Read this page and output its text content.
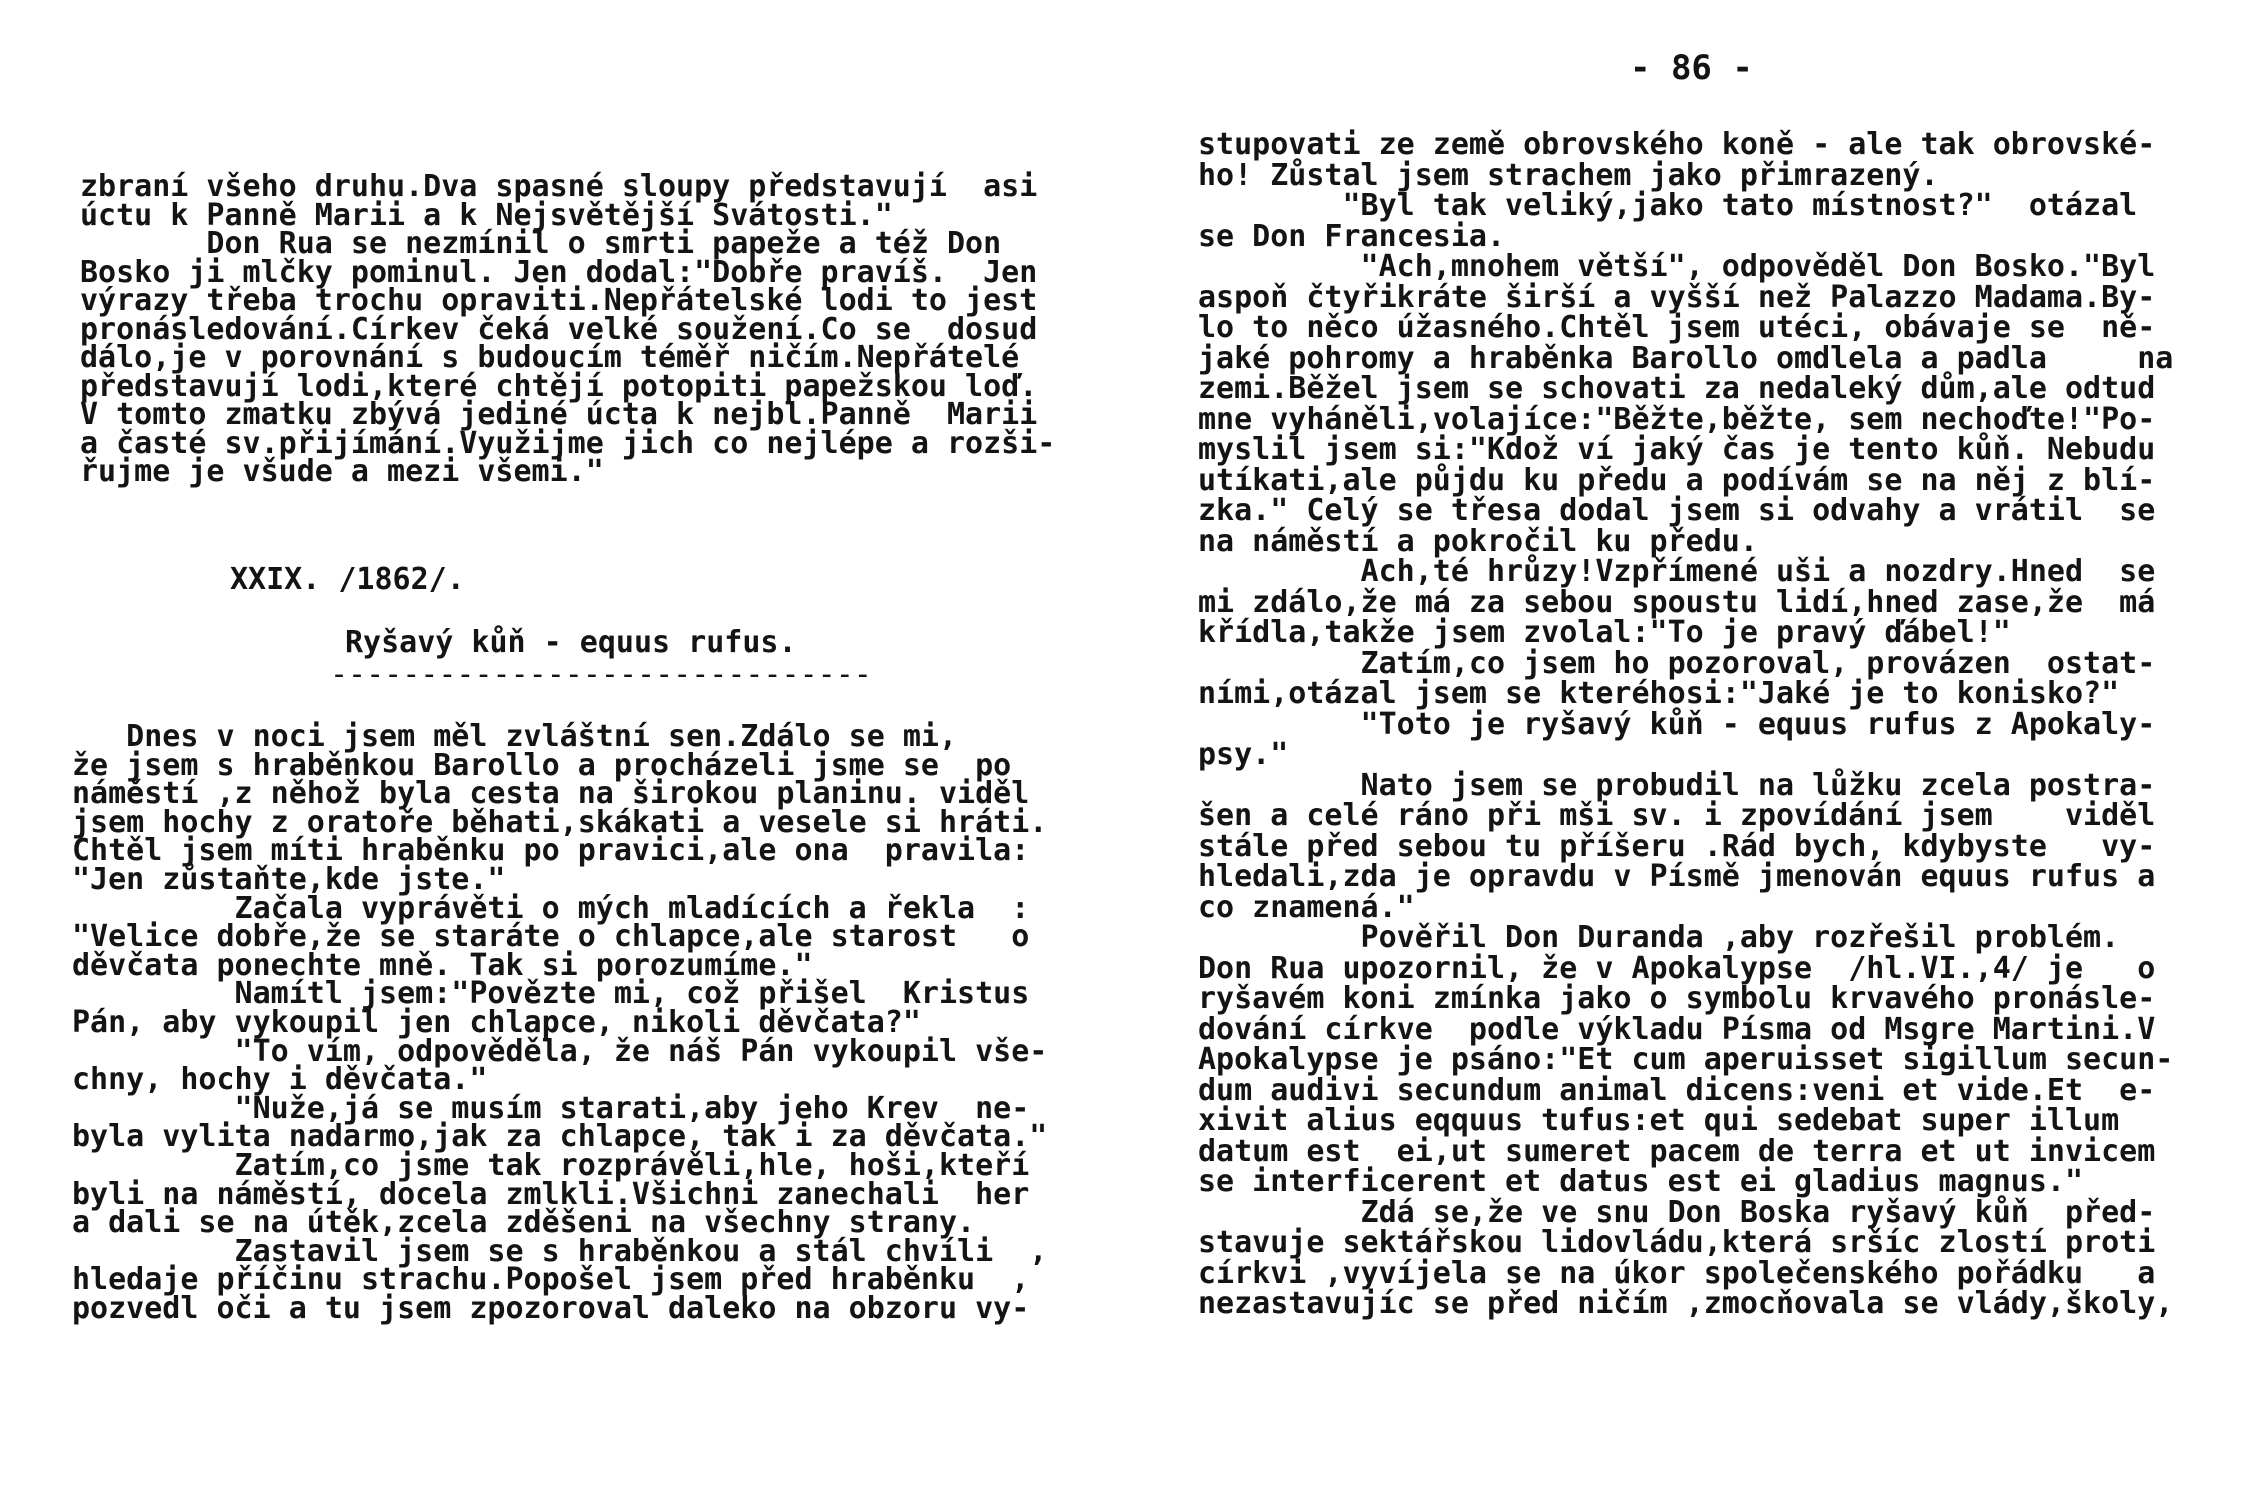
zbraní všeho druhu.Dva spasné sloupy představují  asi
úctu k Panně Marii a k Nejsvětější Svátosti."
Don Rua se nezmínil o smrti papeže a též Don
Bosko ji mlčky pominul. Jen dodal:"Dobře pravíš.  Jen
výrazy třeba trochu opraviti.Nepřátelské lodi to jest
pronásledování.Církev čeká velké soužení.Co se  dosud
dálo,je v porovnání s budoucím téměř ničím.Nepřátelé
představují lodi,které chtějí potopiti papežskou loď.
V tomto zmatku zbývá jediné úcta k nejbl.Panně  Marii
a časté sv.přijímání.Využijme jich co nejlépe a rozši-
řujme je všude a mezi všemi."
XXIX. /1862/.
Ryšavý kůň - equus rufus.
------------------------------
Dnes v noci jsem měl zvláštní sen.Zdálo se mi,
že jsem s hraběnkou Barollo a procházeli jsme se  po
náměstí ,z něhož byla cesta na širokou planinu. viděl
jsem hochy z oratoře běhati,skákati a vesele si hráti.
Chtěl jsem míti hraběnku po pravici,ale ona  pravila:
"Jen zůstaňte,kde jste."
Začala vyprávěti o mých mladících a řekla  :
"Velice dobře,že se staráte o chlapce,ale starost   o
děvčata ponechte mně. Tak si porozumíme."
Namítl jsem:"Povězte mi, což přišel  Kristus
Pán, aby vykoupil jen chlapce, nikoli děvčata?"
"To vím, odpověděla, že náš Pán vykoupil vše-
chny, hochy i děvčata."
"Nuže,já se musím starati,aby jeho Krev  ne-
byla vylita nadarmo,jak za chlapce, tak i za děvčata."
Zatím,co jsme tak rozprávěli,hle, hoši,kteří
byli na náměstí, docela zmlkli.Všichni zanechali  her
a dali se na útěk,zcela zděšeni na všechny strany.
Zastavil jsem se s hraběnkou a stál chvíli  ,
hledaje příčinu strachu.Popošel jsem před hraběnku  ,
pozvedl oči a tu jsem zpozoroval daleko na obzoru vy-
- 86 -
stupovati ze země obrovského koně - ale tak obrovské-
ho! Zůstal jsem strachem jako přimrazený.
"Byl tak veliký,jako tato místnost?"  otázal
se Don Francesia.
"Ach,mnohem větší", odpověděl Don Bosko."Byl
aspoň čtyřikráte širší a vyšší než Palazzo Madama.By-
lo to něco úžasného.Chtěl jsem utéci, obávaje se  ně-
jaké pohromy a hraběnka Barollo omdlela a padla     na
zemi.Běžel jsem se schovati za nedaleký dům,ale odtud
mne vyháněli,volajíce:"Běžte,běžte, sem nechoďte!"Po-
myslil jsem si:"Kdož ví jaký čas je tento kůň. Nebudu
utíkati,ale půjdu ku předu a podívám se na něj z blí-
zka." Celý se třesa dodal jsem si odvahy a vrátil  se
na náměstí a pokročil ku předu.
Ach,té hrůzy!Vzpřímené uši a nozdry.Hned  se
mi zdálo,že má za sebou spoustu lidí,hned zase,že  má
křídla,takže jsem zvolal:"To je pravý ďábel!"
Zatím,co jsem ho pozoroval, provázen  ostat-
ními,otázal jsem se kteréhosi:"Jaké je to konisko?"
"Toto je ryšavý kůň - equus rufus z Apokaly-
psy."
Nato jsem se probudil na lůžku zcela postra-
šen a celé ráno při mši sv. i zpovídání jsem    viděl
stále před sebou tu příšeru .Rád bych, kdybyste   vy-
hledali,zda je opravdu v Písmě jmenován equus rufus a
co znamená."
Pověřil Don Duranda ,aby rozřešil problém.
Don Rua upozornil, že v Apokalypse  /hl.VI.,4/ je   o
ryšavém koni zmínka jako o symbolu krvavého pronásle-
dování církve  podle výkladu Písma od Msgre Martini.V
Apokalypse je psáno:"Et cum aperuisset sigillum secun-
dum audivi secundum animal dicens:veni et vide.Et  e-
xivit alius eqquus tufus:et qui sedebat super illum
datum est  ei,ut sumeret pacem de terra et ut invicem
se interficerent et datus est ei gladius magnus."
Zdá se,že ve snu Don Boska ryšavý kůň  před-
stavuje sektářskou lidovládu,která sršíc zlostí proti
církvi ,vyvíjela se na úkor společenského pořádku   a
nezastavujíc se před ničím ,zmocňovala se vlády,školy,
